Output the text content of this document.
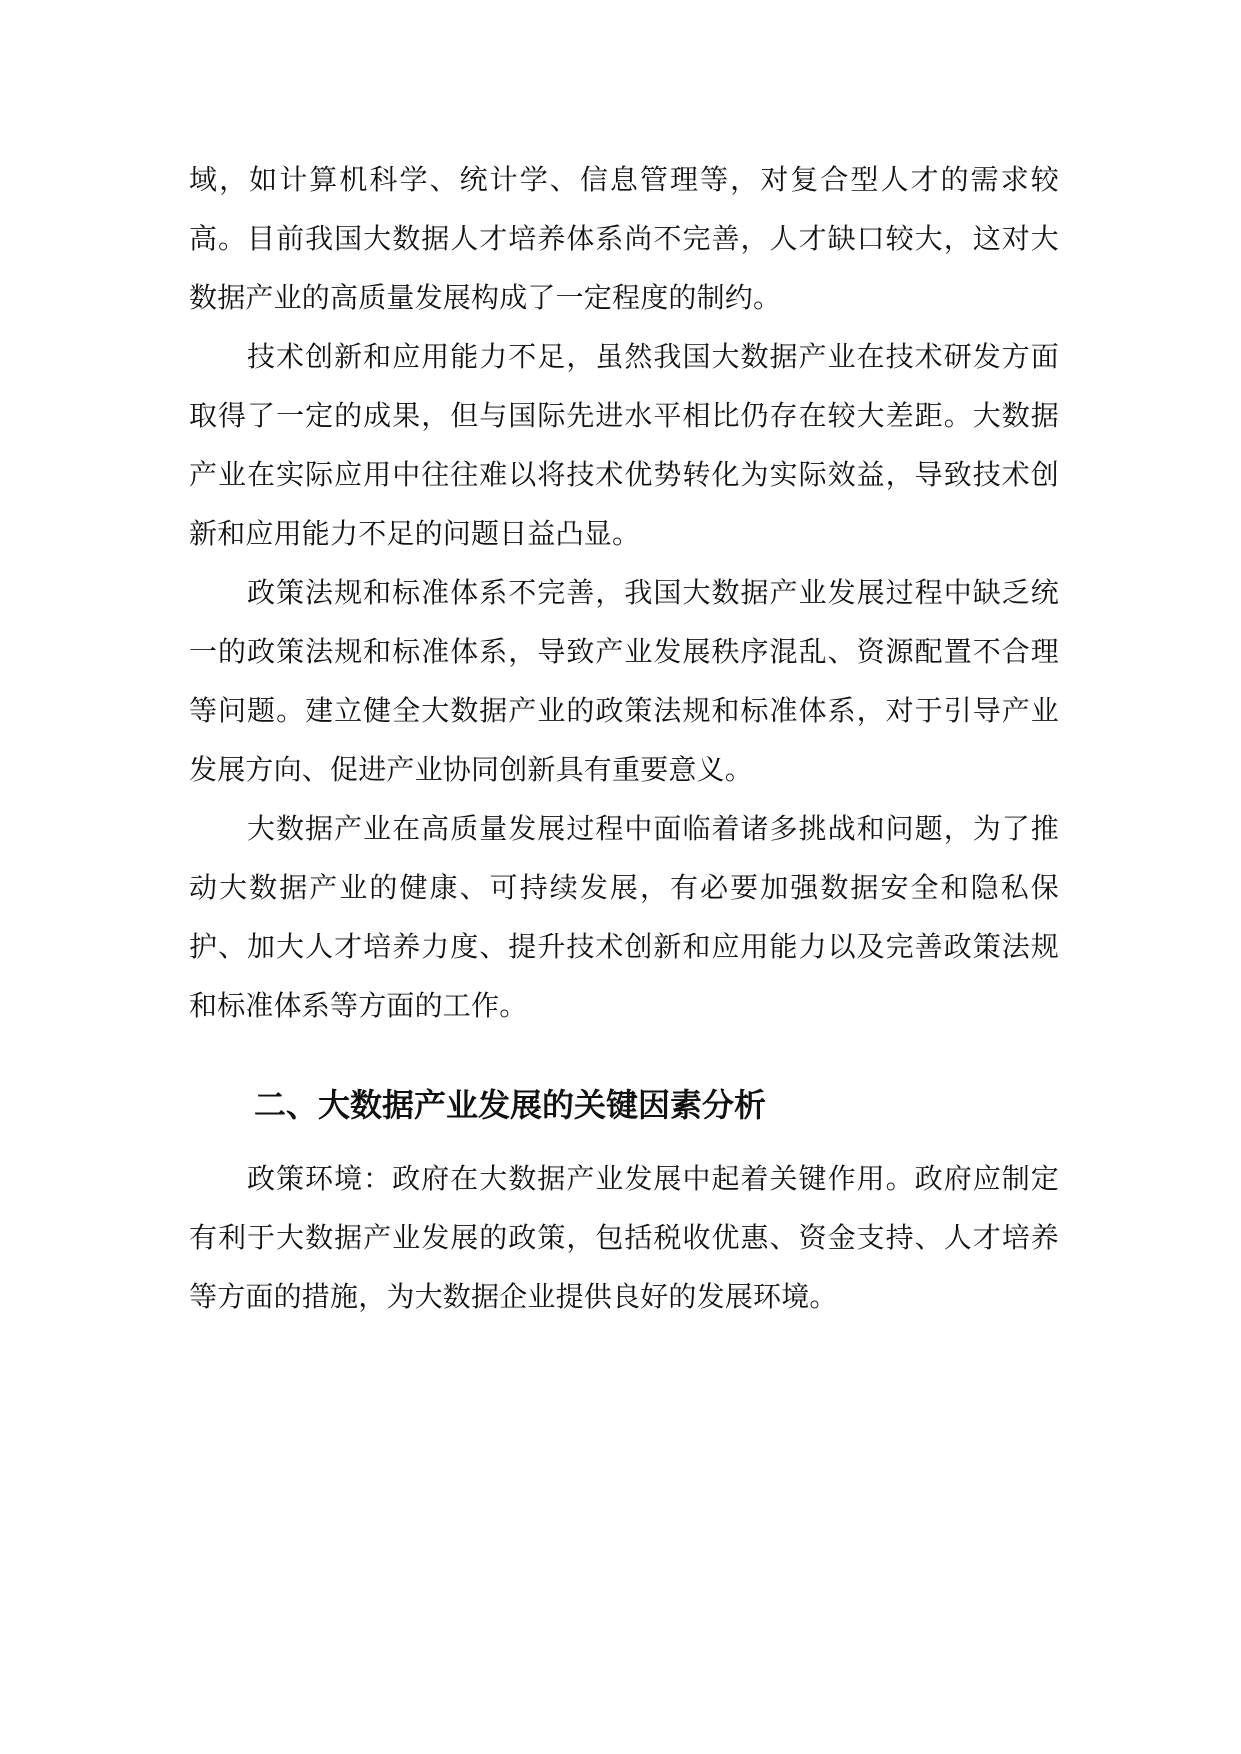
域，如计算机科学、统计学、信息管理等，对复合型人才的需求较高。目前我国大数据人才培养体系尚不完善，人才缺口较大，这对大数据产业的高质量发展构成了一定程度的制约。

技术创新和应用能力不足，虽然我国大数据产业在技术研发方面取得了一定的成果，但与国际先进水平相比仍存在较大差距。大数据产业在实际应用中往往难以将技术优势转化为实际效益，导致技术创新和应用能力不足的问题日益凸显。

政策法规和标准体系不完善，我国大数据产业发展过程中缺乏统一的政策法规和标准体系，导致产业发展秩序混乱、资源配置不合理等问题。建立健全大数据产业的政策法规和标准体系，对于引导产业发展方向、促进产业协同创新具有重要意义。

大数据产业在高质量发展过程中面临着诸多挑战和问题，为了推动大数据产业的健康、可持续发展，有必要加强数据安全和隐私保护、加大人才培养力度、提升技术创新和应用能力以及完善政策法规和标准体系等方面的工作。

二、大数据产业发展的关键因素分析

政策环境：政府在大数据产业发展中起着关键作用。政府应制定有利于大数据产业发展的政策，包括税收优惠、资金支持、人才培养等方面的措施，为大数据企业提供良好的发展环境。
